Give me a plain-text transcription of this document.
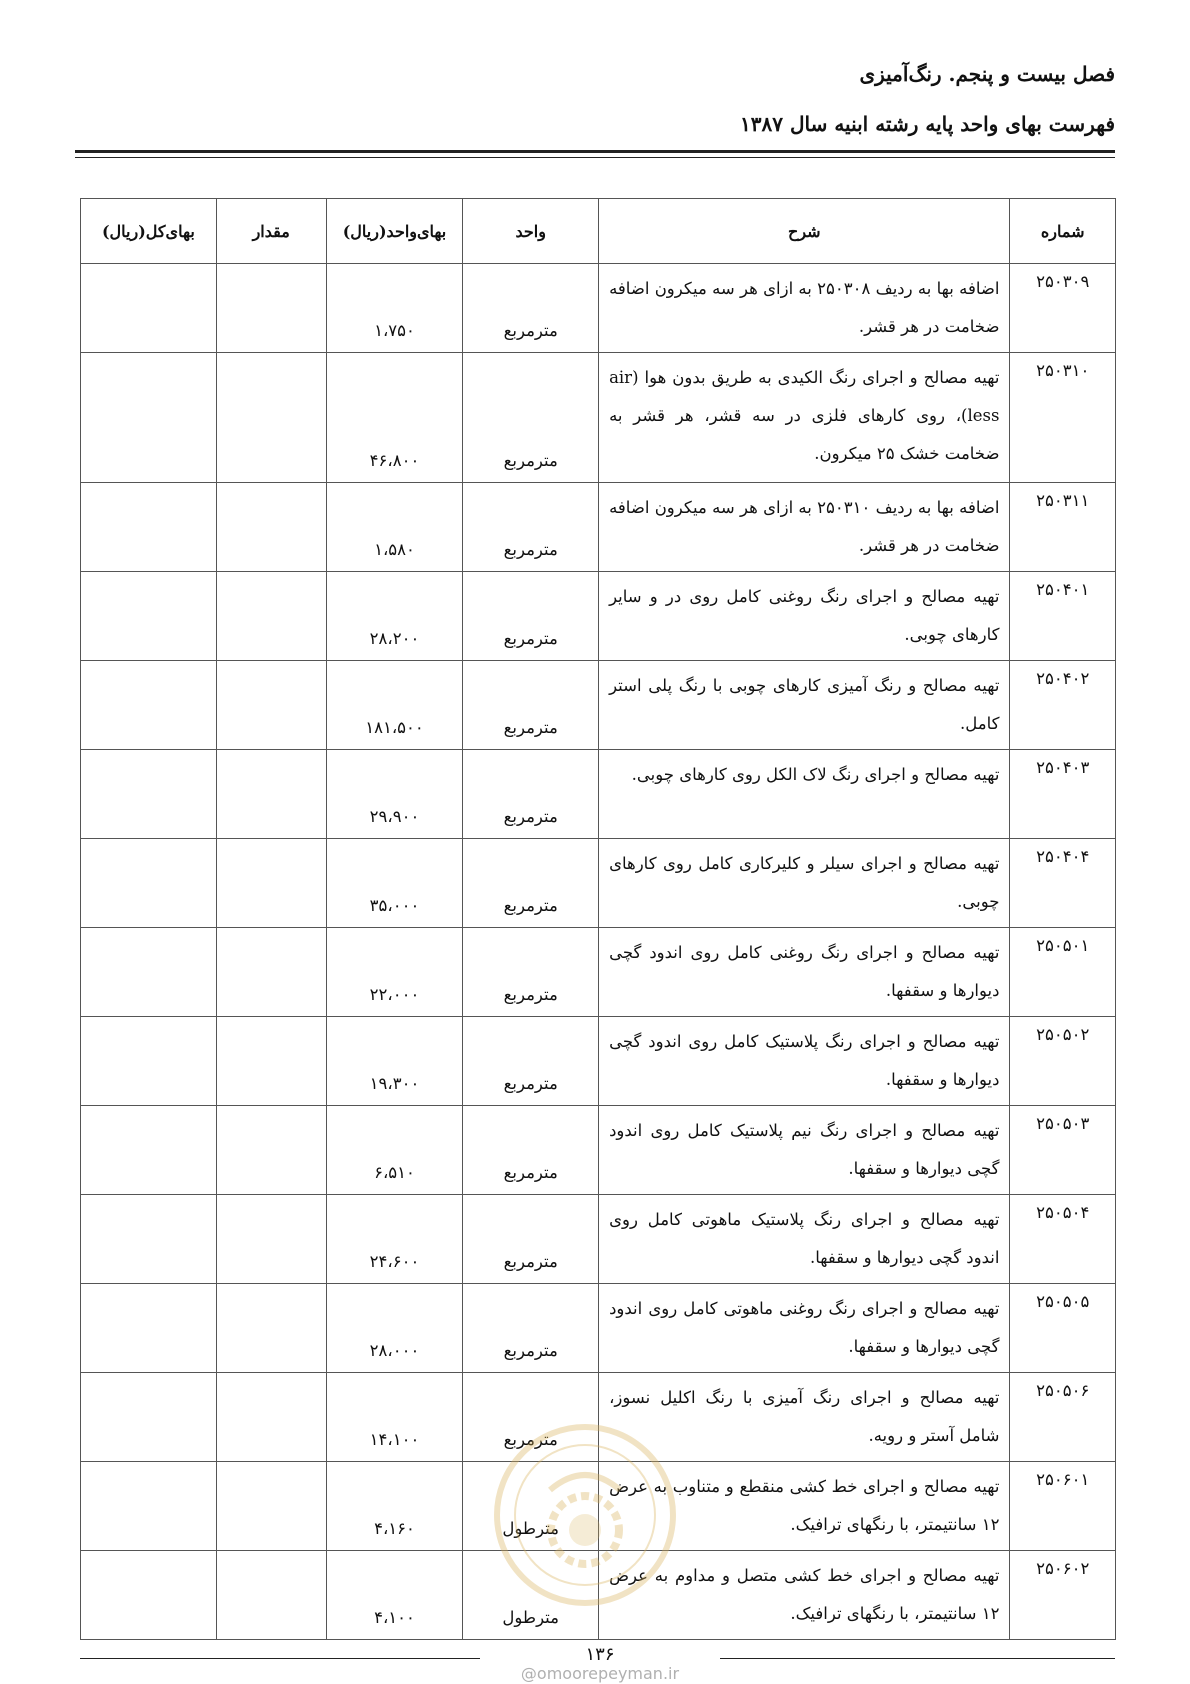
فصل بیست و پنجم. رنگ‌آمیزی
فهرست بهای واحد پایه رشته ابنیه سال ۱۳۸۷
شماره	شرح	واحد	بهای‌واحد(ریال)	مقدار	بهای‌کل(ریال)
۲۵۰۳۰۹	اضافه بها به ردیف ۲۵۰۳۰۸ به ازای هر سه میکرون اضافه ضخامت در هر قشر.	مترمربع	۱،۷۵۰		
۲۵۰۳۱۰	تهیه مصالح و اجرای رنگ الکیدی به طریق بدون هوا (air less)، روی کارهای فلزی در سه قشر، هر قشر به ضخامت خشک ۲۵ میکرون.	مترمربع	۴۶،۸۰۰		
۲۵۰۳۱۱	اضافه بها به ردیف ۲۵۰۳۱۰ به ازای هر سه میکرون اضافه ضخامت در هر قشر.	مترمربع	۱،۵۸۰		
۲۵۰۴۰۱	تهیه مصالح و اجرای رنگ روغنی کامل روی در و سایر کارهای چوبی.	مترمربع	۲۸،۲۰۰		
۲۵۰۴۰۲	تهیه مصالح و رنگ آمیزی کارهای چوبی با رنگ پلی استر کامل.	مترمربع	۱۸۱،۵۰۰		
۲۵۰۴۰۳	تهیه مصالح و اجرای رنگ لاک الکل روی کارهای چوبی.	مترمربع	۲۹،۹۰۰		
۲۵۰۴۰۴	تهیه مصالح و اجرای سیلر و کلیرکاری کامل روی کارهای چوبی.	مترمربع	۳۵،۰۰۰		
۲۵۰۵۰۱	تهیه مصالح و اجرای رنگ روغنی کامل روی اندود گچی دیوارها و سقفها.	مترمربع	۲۲،۰۰۰		
۲۵۰۵۰۲	تهیه مصالح و اجرای رنگ پلاستیک کامل روی اندود گچی دیوارها و سقفها.	مترمربع	۱۹،۳۰۰		
۲۵۰۵۰۳	تهیه مصالح و اجرای رنگ نیم پلاستیک کامل روی اندود گچی دیوارها و سقفها.	مترمربع	۶،۵۱۰		
۲۵۰۵۰۴	تهیه مصالح و اجرای رنگ پلاستیک ماهوتی کامل روی اندود گچی دیوارها و سقفها.	مترمربع	۲۴،۶۰۰		
۲۵۰۵۰۵	تهیه مصالح و اجرای رنگ روغنی ماهوتی کامل روی اندود گچی دیوارها و سقفها.	مترمربع	۲۸،۰۰۰		
۲۵۰۵۰۶	تهیه مصالح و اجرای رنگ آمیزی با رنگ اکلیل نسوز، شامل آستر و رویه.	مترمربع	۱۴،۱۰۰		
۲۵۰۶۰۱	تهیه مصالح و اجرای خط کشی منقطع و متناوب به عرض ۱۲ سانتیمتر، با رنگهای ترافیک.	مترطول	۴،۱۶۰		
۲۵۰۶۰۲	تهیه مصالح و اجرای خط کشی متصل و مداوم به عرض ۱۲ سانتیمتر، با رنگهای ترافیک.	مترطول	۴،۱۰۰		
۱۳۶
@omoorepeyman.ir
